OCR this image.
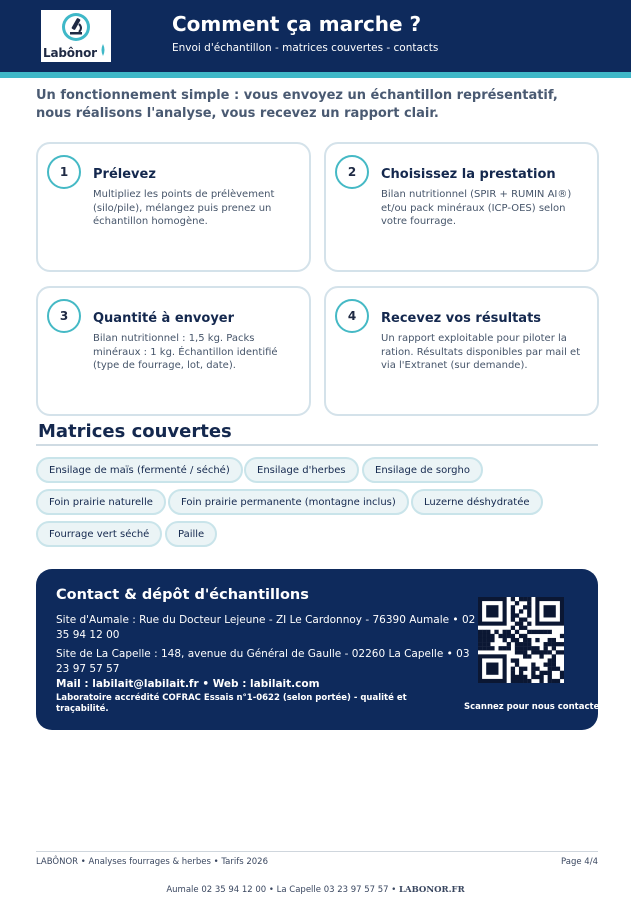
Labônor
Comment ça marche ?
Envoi d'échantillon - matrices couvertes - contacts
Un fonctionnement simple : vous envoyez un échantillon représentatif, nous réalisons l'analyse, vous recevez un rapport clair.
1	Prélevez
Multipliez les points de prélèvement (silo/pile), mélangez puis prenez un échantillon homogène.
2	Choisissez la prestation
Bilan nutritionnel (SPIR + RUMIN AI®) et/ou pack minéraux (ICP-OES) selon votre fourrage.
3	Quantité à envoyer
Bilan nutritionnel : 1,5 kg. Packs minéraux : 1 kg. Échantillon identifié (type de fourrage, lot, date).
4	Recevez vos résultats
Un rapport exploitable pour piloter la ration. Résultats disponibles par mail et via l'Extranet (sur demande).
Matrices couvertes
Ensilage de maïs (fermenté / séché)	Ensilage d'herbes	Ensilage de sorgho
Foin prairie naturelle	Foin prairie permanente (montagne inclus)	Luzerne déshydratée
Fourrage vert séché	Paille
Contact & dépôt d'échantillons
Site d'Aumale : Rue du Docteur Lejeune - ZI Le Cardonnoy - 76390 Aumale • 02 35 94 12 00
Site de La Capelle : 148, avenue du Général de Gaulle - 02260 La Capelle • 03 23 97 57 57
Mail : labilait@labilait.fr • Web : labilait.com
Laboratoire accrédité COFRAC Essais n°1-0622 (selon portée) - qualité et traçabilité.	Scannez pour nous contacter
LABÔNOR • Analyses fourrages & herbes • Tarifs 2026	Page 4/4
Aumale 02 35 94 12 00 • La Capelle 03 23 97 57 57 • LABONOR.FR
